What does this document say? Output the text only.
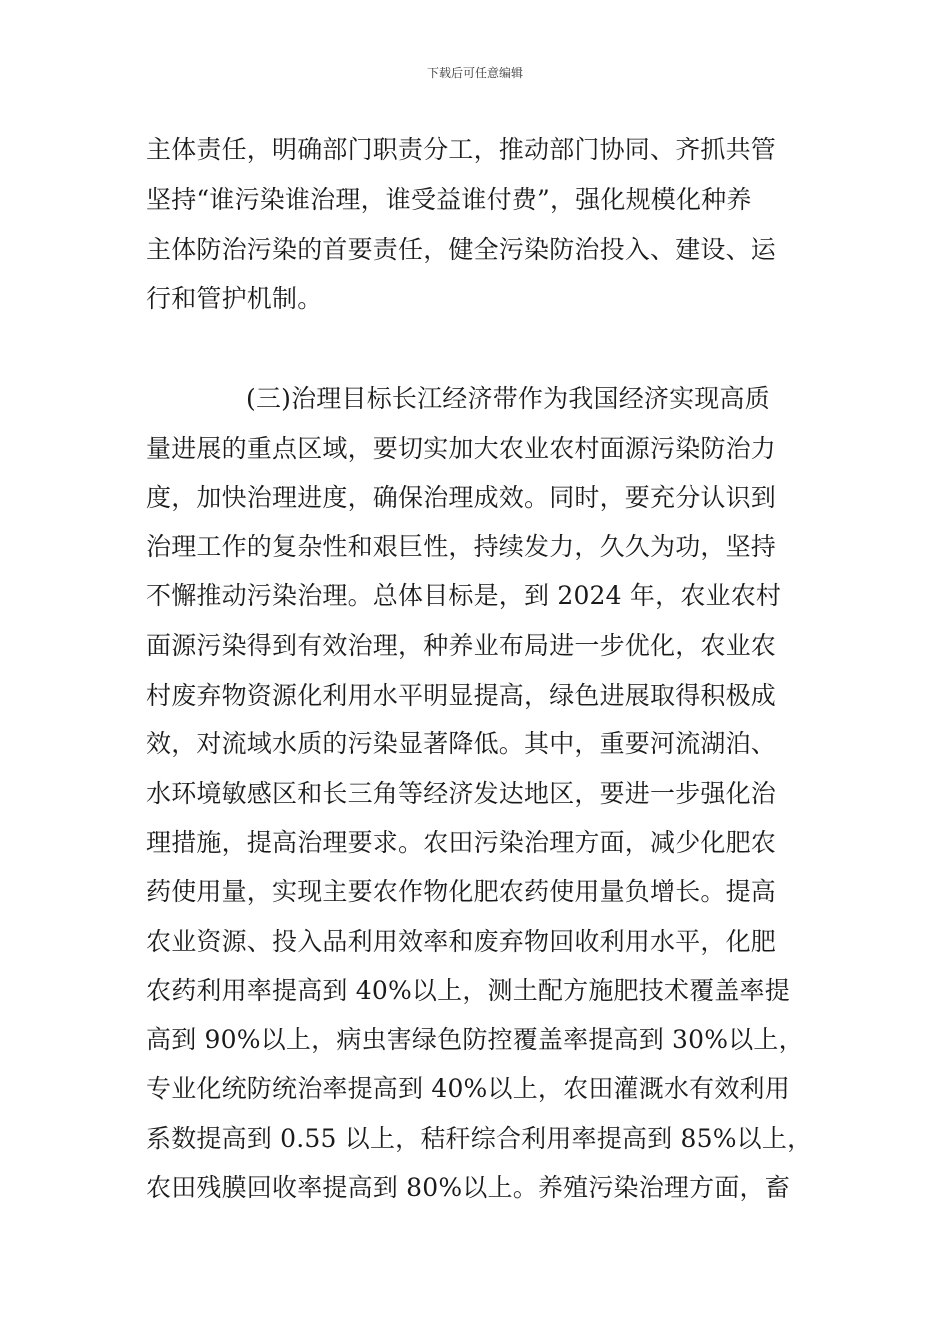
下载后可任意编辑
主体责任，明确部门职责分工，推动部门协同、齐抓共管
坚持“谁污染谁治理，谁受益谁付费”，强化规模化种养
主体防治污染的首要责任，健全污染防治投入、建设、运
行和管护机制。
(三)治理目标长江经济带作为我国经济实现高质
量进展的重点区域，要切实加大农业农村面源污染防治力
度，加快治理进度，确保治理成效。同时，要充分认识到
治理工作的复杂性和艰巨性，持续发力，久久为功，坚持
不懈推动污染治理。总体目标是，到 2024 年，农业农村
面源污染得到有效治理，种养业布局进一步优化，农业农
村废弃物资源化利用水平明显提高，绿色进展取得积极成
效，对流域水质的污染显著降低。其中，重要河流湖泊、
水环境敏感区和长三角等经济发达地区，要进一步强化治
理措施，提高治理要求。农田污染治理方面，减少化肥农
药使用量，实现主要农作物化肥农药使用量负增长。提高
农业资源、投入品利用效率和废弃物回收利用水平，化肥
农药利用率提高到 40%以上，测土配方施肥技术覆盖率提
高到 90%以上，病虫害绿色防控覆盖率提高到 30%以上，
专业化统防统治率提高到 40%以上，农田灌溉水有效利用
系数提高到 0.55 以上，秸秆综合利用率提高到 85%以上，
农田残膜回收率提高到 80%以上。养殖污染治理方面，畜
